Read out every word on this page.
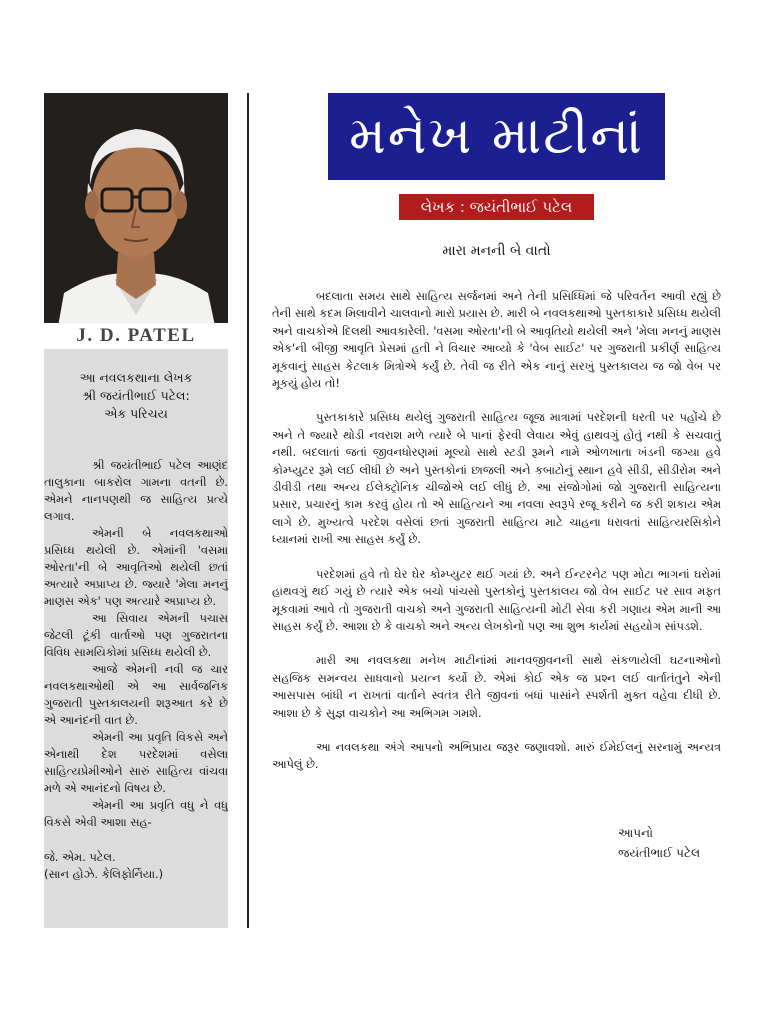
J. D. PATEL
આ નવલકથાના લેખક
શ્રી જયંતીભાઈ પટેલ:
એક પરિચય

શ્રી જયંતીભાઈ પટેલ આણંદ તાલુકાના બાકરોલ ગામના વતની છે. એમને નાનપણથી જ સાહિત્ય પ્રત્યે લગાવ.

એમની બે નવલકથાઓ પ્રસિધ્ધ થયેલી છે. એમાંની 'વસમા ઓરતા'ની બે આવૃતિઓ થયેલી છતાં અત્યારે અપ્રાપ્ય છે. જ્યારે 'મેલા મનનું માણસ એક' પણ અત્યારે અપ્રાપ્ય છે.

આ સિવાય એમની પચાસ જેટલી ટૂંકી વાર્તાઓ પણ ગુજરાતના વિવિધ સામયિકોમાં પ્રસિધ્ધ થયેલી છે.

આજે એમની નવી જ ચાર નવલકથાઓથી એ આ સાર્વજનિક ગુજરાતી પુસ્તકાલયની શરૂઆત કરે છે એ આનંદની વાત છે.

એમની આ પ્રવૃતિ વિકસે અને એનાથી દેશ પરદેશમાં વસેલા સાહિત્યપ્રેમીઓને સારું સાહિત્ય વાંચવા મળે એ આનંદનો વિષય છે.

એમની આ પ્રવૃતિ વધુ ને વધુ વિકસે એવી આશા સહ-

જે. એમ. પટેલ.

(સાન હોઝે. કેલિફોર્નિયા.)

મનેખ માટીનાં
લેખક : જયંતીભાઈ પટેલ
મારા મનની બે વાતો

બદલાતા સમય સાથે સાહિત્ય સર્જનમાં અને તેની પ્રસિધ્ધિમાં જે પરિવર્તન આવી રહ્યું છે તેની સાથે કદમ મિલાવીને ચાલવાનો મારો પ્રયાસ છે. મારી બે નવલકથાઓ પુસ્તકાકારે પ્રસિધ્ધ થયેલી અને વાચકોએ દિલથી આવકારેલી. 'વસમા ઓરતા'ની બે આવૃતિયો થયેલી અને 'મેલા મનનું માણસ એક'ની બીજી આવૃતિ પ્રેસમાં હતી ને વિચાર આવ્યો કે 'વેબ સાઈટ' પર ગુજરાતી પ્રકીર્ણ સાહિત્ય મૂકવાનું સાહસ કેટલાક મિત્રોએ કર્યું છે. તેવી જ રીતે એક નાનું સરખું પુસ્તકાલય જ જો વેબ પર મૂકયું હોય તો!

પુસ્તકાકારે પ્રસિધ્ધ થયેલું ગુજરાતી સાહિત્ય જૂજ માત્રામાં પરદેશની ધરતી પર પહોંચે છે અને તે જ્યારે થોડી નવરાશ મળે ત્યારે બે પાનાં ફેરવી લેવાય એવું હાથવગું હોતું નથી કે સચવાતું નથી. બદલાતાં જતાં જીવનધોરણમાં મૂલ્યો સાથે સ્ટડી રૂમને નામે ઓળખાતા ખંડની જગ્યા હવે કોમ્પ્યુટર રૂમે લઈ લીધી છે અને પુસ્તકોનાં છાજલી અને કબાટોનું સ્થાન હવે સીડી, સીડીરોમ અને ડીવીડી તથા અન્ય ઈલેક્ટ્રોનિક ચીજોએ લઈ લીધું છે. આ સંજોગોમાં જો ગુજરાતી સાહિત્યના પ્રસાર, પ્રચારનું કામ કરવું હોય તો એ સાહિત્યને આ નવલા સ્વરૂપે રજૂ કરીને જ કરી શકાય એમ લાગે છે. મુખ્યત્વે પરદેશ વસેલાં છતાં ગુજરાતી સાહિત્ય માટે ચાહના ધરાવતાં સાહિત્યરસિકોને ધ્યાનમાં રાખી આ સાહસ કર્યું છે.

પરદેશમાં હવે તો ઘેર ઘેર કોમ્પ્યુટર થઈ ગયાં છે. અને ઈન્ટરનેટ પણ મોટા ભાગનાં ઘરોમાં હાથવગું થઈ ગયું છે ત્યારે એક બચો પાંચસો પુસ્તકોનું પુસ્તકાલય જો વેબ સાઈટ પર સાવ મફત મૂકવામાં આવે તો ગુજરાતી વાચકો અને ગુજરાતી સાહિત્યની મોટી સેવા કરી ગણાય એમ માની આ સાહસ કર્યું છે. આશા છે કે વાચકો અને અન્ય લેખકોનો પણ આ શુભ કાર્યમાં સહયોગ સાંપડશે.

મારી આ નવલકથા મનેખ માટીનાંમાં માનવજીવનની સાથે સંકળાયેલી ઘટનાઓનો સહજિક સમન્વય સાધવાનો પ્રયત્ન કર્યો છે. એમાં કોઈ એક જ પ્રશ્ન લઈ વાર્તાતંતુને એની આસપાસ બાંધી ન રાખતાં વાર્તાને સ્વતંત્ર રીતે જીવનાં બધાં પાસાંને સ્પર્શતી મુક્ત વહેવા દીધી છે. આશા છે કે સુજ્ઞ વાચકોને આ અભિગમ ગમશે.

આ નવલકથા અંગે આપનો અભિપ્રાય જરૂર જણાવશો. મારું ઈમેઈલનું સરનામું અન્યત્ર આપેલું છે.

આપનો
જયંતીભાઈ પટેલ
